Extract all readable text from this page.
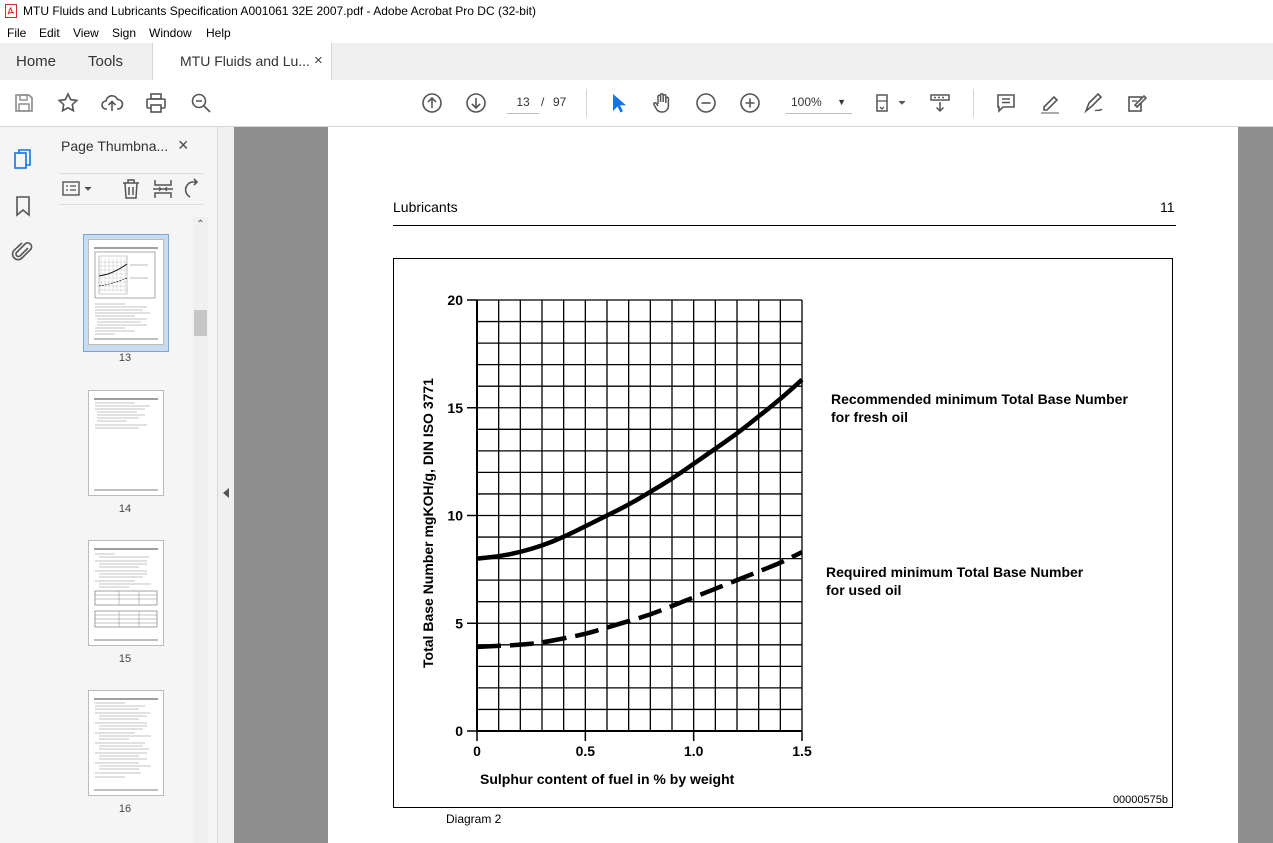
MTU Fluids and Lubricants Specification A001061 32E 2007.pdf - Adobe Acrobat Pro DC (32-bit)
File Edit View Sign Window Help
Home Tools	MTU Fluids and Lu... ×
13 / 97	100% ▼
Page Thumbna... ×
13
14
15
16
⌃
Lubricants	11
0
5
10
15
20
0	0.5	1.0	1.5
Total Base Number mgKOH/g, DIN ISO 3771
Sulphur content of fuel in % by weight
Recommended minimum Total Base Number
for fresh oil
Required minimum Total Base Number
for used oil
00000575b
Diagram 2
